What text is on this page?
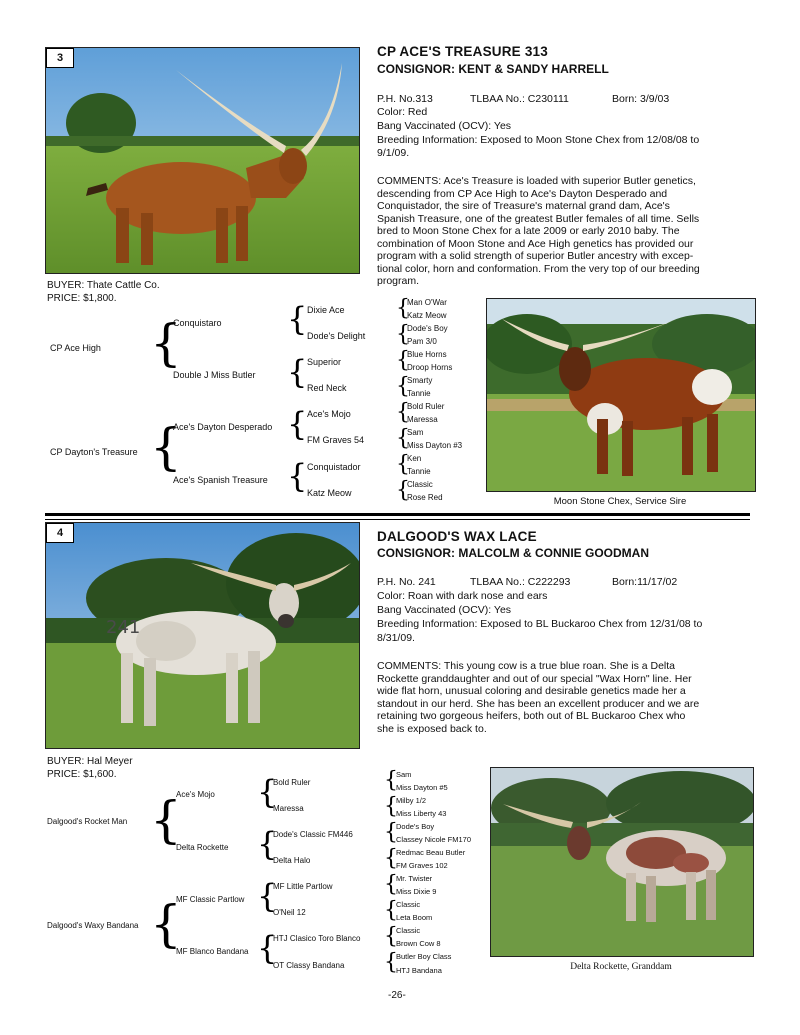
3	CP ACE'S TREASURE 313
CONSIGNOR: KENT & SANDY HARRELL
P.H. No.313	TLBAA No.: C230111	Born: 3/9/03
Color: Red
Bang Vaccinated (OCV): Yes
Breeding Information: Exposed to Moon Stone Chex from 12/08/08 to
9/1/09.
COMMENTS: Ace's Treasure is loaded with superior Butler genetics,
descending from CP Ace High to Ace's Dayton Desperado and
Conquistador, the sire of Treasure's maternal grand dam, Ace's
Spanish Treasure, one of the greatest Butler females of all time. Sells
bred to Moon Stone Chex for a late 2009 or early 2010 baby. The
combination of Moon Stone and Ace High genetics has provided our
program with a solid strength of superior Butler ancestry with excep-
tional color, horn and conformation. From the very top of our breeding
program.
BUYER: Thate Cattle Co.
PRICE: $1,800.
CP Ace High
CP Dayton's Treasure
{
{
Conquistaro
Double J Miss Butler
Ace's Dayton Desperado
Ace's Spanish Treasure
{
{
{
{
Dixie Ace
Dode's Delight
Superior
Red Neck
Ace's Mojo
FM Graves 54
Conquistador
Katz Meow
{
{
{
{
{
{
{
{
Man O'War
Katz Meow
Dode's Boy
Pam 3/0
Blue Horns
Droop Horns
Smarty
Tannie
Bold Ruler
Maressa
Sam
Miss Dayton #3
Ken
Tannie
Classic
Rose Red	Moon Stone Chex, Service Sire
241
4	DALGOOD'S WAX LACE
CONSIGNOR: MALCOLM & CONNIE GOODMAN
P.H. No. 241	TLBAA No.: C222293	Born:11/17/02
Color: Roan with dark nose and ears
Bang Vaccinated (OCV): Yes
Breeding Information: Exposed to BL Buckaroo Chex from 12/31/08 to
8/31/09.
COMMENTS: This young cow is a true blue roan. She is a Delta
Rockette granddaughter and out of our special "Wax Horn" line. Her
wide flat horn, unusual coloring and desirable genetics made her a
standout in our herd. She has been an excellent producer and we are
retaining two gorgeous heifers, both out of BL Buckaroo Chex who
she is exposed back to.
BUYER: Hal Meyer
PRICE: $1,600.
Dalgood's Rocket Man
Dalgood's Waxy Bandana
{
{
Ace's Mojo
Delta Rockette
MF Classic Partlow
MF Blanco Bandana
{
{
{
{
Bold Ruler
Maressa
Dode's Classic FM446
Delta Halo
MF Little Partlow
O'Neil 12
HTJ Clasico Toro Blanco
OT Classy Bandana
{
{
{
{
{
{
{
{
Sam
Miss Dayton #5
Milby 1/2
Miss Liberty 43
Dode's Boy
Classey Nicole FM170
Redmac Beau Butler
FM Graves 102
Mr. Twister
Miss Dixie 9
Classic
Leta Boom
Classic
Brown Cow 8
Butler Boy Class
HTJ Bandana	Delta Rockette, Granddam
-26-
